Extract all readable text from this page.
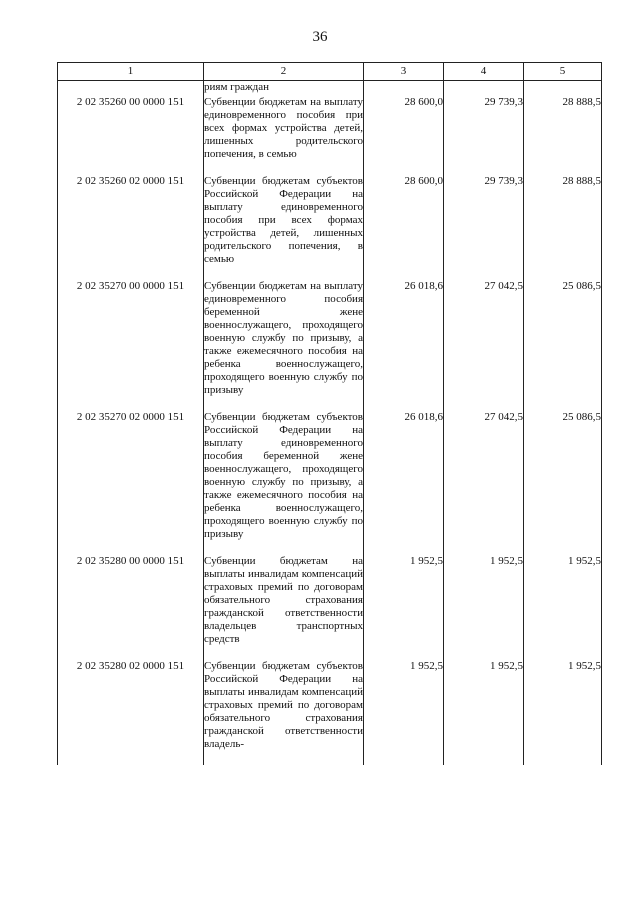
36
1	2	3	4	5
	риям граждан			
2 02 35260 00 0000 151	Субвенции бюджетам на выплату единовременного пособия при всех формах устройства детей, лишенных родительского попечения, в семью	28 600,0	29 739,3	28 888,5
2 02 35260 02 0000 151	Субвенции бюджетам субъектов Российской Федерации на выплату единовременного пособия при всех формах устройства детей, лишенных родительского попечения, в семью	28 600,0	29 739,3	28 888,5
2 02 35270 00 0000 151	Субвенции бюджетам на выплату единовременного пособия беременной жене военнослужащего, проходящего военную службу по призыву, а также ежемесячного пособия на ребенка военнослужащего, проходящего военную службу по призыву	26 018,6	27 042,5	25 086,5
2 02 35270 02 0000 151	Субвенции бюджетам субъектов Российской Федерации на выплату единовременного пособия беременной жене военнослужащего, проходящего военную службу по призыву, а также ежемесячного пособия на ребенка военнослужащего, проходящего военную службу по призыву	26 018,6	27 042,5	25 086,5
2 02 35280 00 0000 151	Субвенции бюджетам на выплаты инвалидам компенсаций страховых премий по договорам обязательного страхования гражданской ответственности владельцев транспортных средств	1 952,5	1 952,5	1 952,5
2 02 35280 02 0000 151	Субвенции бюджетам субъектов Российской Федерации на выплаты инвалидам компенсаций страховых премий по договорам обязательного страхования гражданской ответственности владель-	1 952,5	1 952,5	1 952,5
